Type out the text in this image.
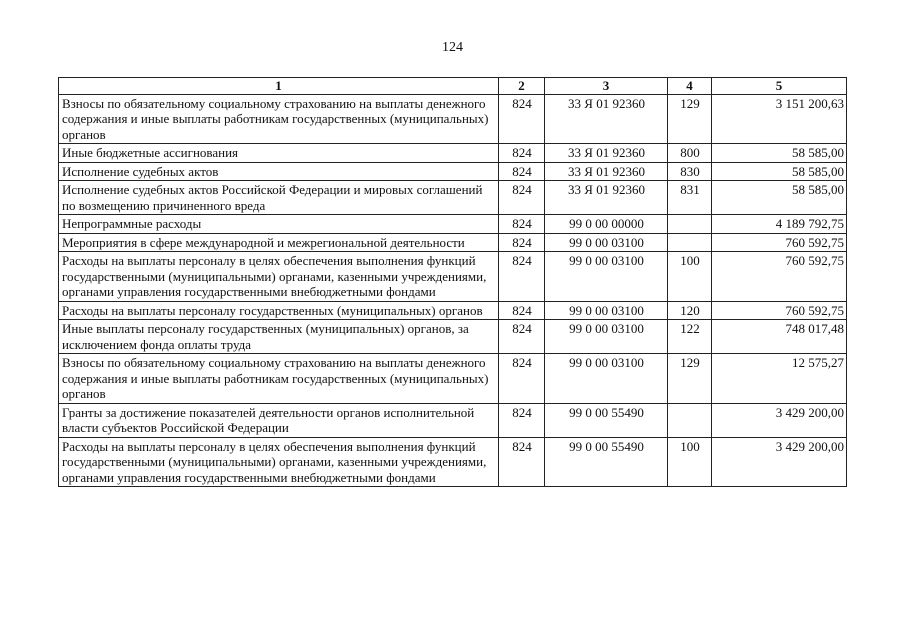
124
1	2	3	4	5
Взносы по обязательному социальному страхованию на выплаты денежного содержания и иные выплаты работникам государственных (муниципальных) органов	824	33 Я 01 92360	129	3 151 200,63
Иные бюджетные ассигнования	824	33 Я 01 92360	800	58 585,00
Исполнение судебных актов	824	33 Я 01 92360	830	58 585,00
Исполнение судебных актов Российской Федерации и мировых соглашений по возмещению причиненного вреда	824	33 Я 01 92360	831	58 585,00
Непрограммные расходы	824	99 0 00 00000		4 189 792,75
Мероприятия в сфере международной и межрегиональной деятельности	824	99 0 00 03100		760 592,75
Расходы на выплаты персоналу в целях обеспечения выполнения функций государственными (муниципальными) органами, казенными учреждениями, органами управления государственными внебюджетными фондами	824	99 0 00 03100	100	760 592,75
Расходы на выплаты персоналу государственных (муниципальных) органов	824	99 0 00 03100	120	760 592,75
Иные выплаты персоналу государственных (муниципальных) органов, за исключением фонда оплаты труда	824	99 0 00 03100	122	748 017,48
Взносы по обязательному социальному страхованию на выплаты денежного содержания и иные выплаты работникам государственных (муниципальных) органов	824	99 0 00 03100	129	12 575,27
Гранты за достижение показателей деятельности органов исполнительной власти субъектов Российской Федерации	824	99 0 00 55490		3 429 200,00
Расходы на выплаты персоналу в целях обеспечения выполнения функций государственными (муниципальными) органами, казенными учреждениями, органами управления государственными внебюджетными фондами	824	99 0 00 55490	100	3 429 200,00
